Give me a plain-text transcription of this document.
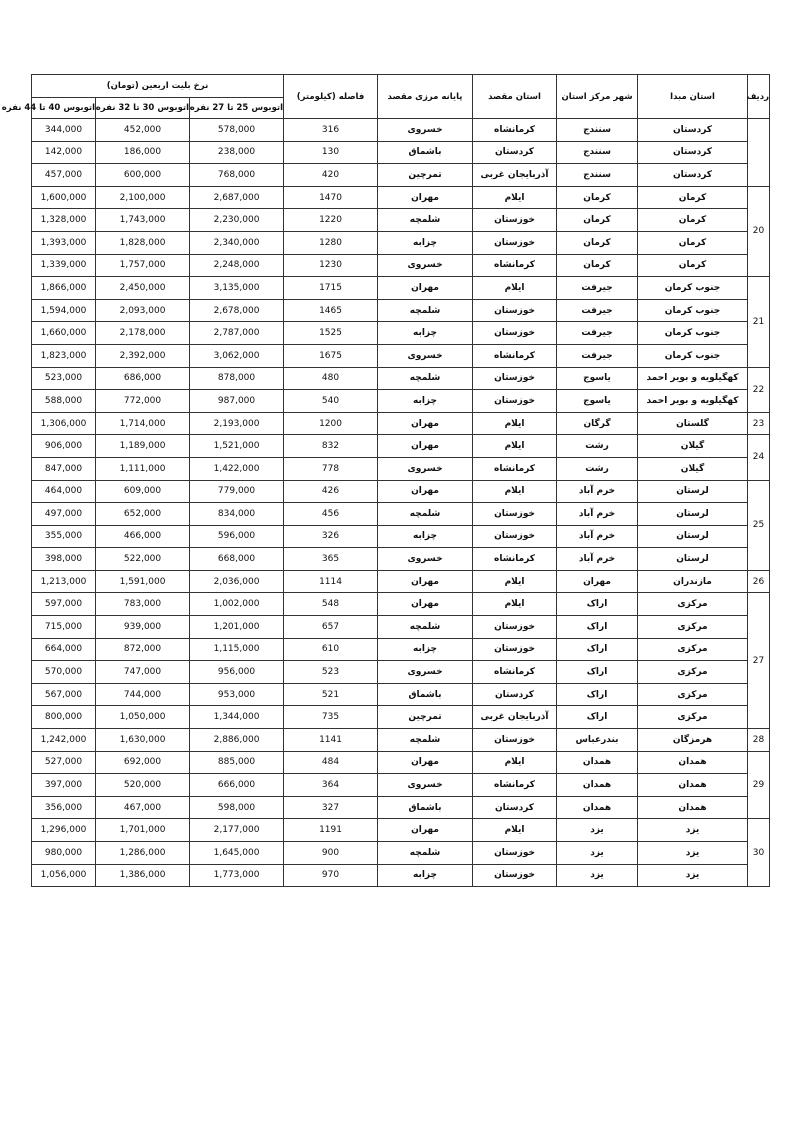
ردیف	استان مبدا	شهر مرکز استان	استان مقصد	پایانه مرزی مقصد	فاصله (کیلومتر)	نرخ بلیت اربعین (تومان)		
						اتوبوس 25 تا 27 نفره	اتوبوس 30 تا 32 نفره	اتوبوس 40 تا 44 نفره
	کردستان	سنندج	کرمانشاه	خسروی	316	578,000	452,000	344,000
	کردستان	سنندج	کردستان	باشماق	130	238,000	186,000	142,000
	کردستان	سنندج	آذربایجان غربی	تمرچین	420	768,000	600,000	457,000
20	کرمان	کرمان	ایلام	مهران	1470	2,687,000	2,100,000	1,600,000
	کرمان	کرمان	خوزستان	شلمچه	1220	2,230,000	1,743,000	1,328,000
	کرمان	کرمان	خوزستان	چزابه	1280	2,340,000	1,828,000	1,393,000
	کرمان	کرمان	کرمانشاه	خسروی	1230	2,248,000	1,757,000	1,339,000
21	جنوب کرمان	جیرفت	ایلام	مهران	1715	3,135,000	2,450,000	1,866,000
	جنوب کرمان	جیرفت	خوزستان	شلمچه	1465	2,678,000	2,093,000	1,594,000
	جنوب کرمان	جیرفت	خوزستان	چزابه	1525	2,787,000	2,178,000	1,660,000
	جنوب کرمان	جیرفت	کرمانشاه	خسروی	1675	3,062,000	2,392,000	1,823,000
22	کهگیلویه و بویر احمد	یاسوج	خوزستان	شلمچه	480	878,000	686,000	523,000
	کهگیلویه و بویر احمد	یاسوج	خوزستان	چزابه	540	987,000	772,000	588,000
23	گلستان	گرگان	ایلام	مهران	1200	2,193,000	1,714,000	1,306,000
24	گیلان	رشت	ایلام	مهران	832	1,521,000	1,189,000	906,000
	گیلان	رشت	کرمانشاه	خسروی	778	1,422,000	1,111,000	847,000
25	لرستان	خرم آباد	ایلام	مهران	426	779,000	609,000	464,000
	لرستان	خرم آباد	خوزستان	شلمچه	456	834,000	652,000	497,000
	لرستان	خرم آباد	خوزستان	چزابه	326	596,000	466,000	355,000
	لرستان	خرم آباد	کرمانشاه	خسروی	365	668,000	522,000	398,000
26	مازندران	مهران	ایلام	مهران	1114	2,036,000	1,591,000	1,213,000
27	مرکزی	اراک	ایلام	مهران	548	1,002,000	783,000	597,000
	مرکزی	اراک	خوزستان	شلمچه	657	1,201,000	939,000	715,000
	مرکزی	اراک	خوزستان	چزابه	610	1,115,000	872,000	664,000
	مرکزی	اراک	کرمانشاه	خسروی	523	956,000	747,000	570,000
	مرکزی	اراک	کردستان	باشماق	521	953,000	744,000	567,000
	مرکزی	اراک	آذربایجان غربی	تمرچین	735	1,344,000	1,050,000	800,000
28	هرمزگان	بندرعباس	خوزستان	شلمچه	1141	2,886,000	1,630,000	1,242,000
29	همدان	همدان	ایلام	مهران	484	885,000	692,000	527,000
	همدان	همدان	کرمانشاه	خسروی	364	666,000	520,000	397,000
	همدان	همدان	کردستان	باشماق	327	598,000	467,000	356,000
30	یزد	یزد	ایلام	مهران	1191	2,177,000	1,701,000	1,296,000
	یزد	یزد	خوزستان	شلمچه	900	1,645,000	1,286,000	980,000
	یزد	یزد	خوزستان	چزابه	970	1,773,000	1,386,000	1,056,000
